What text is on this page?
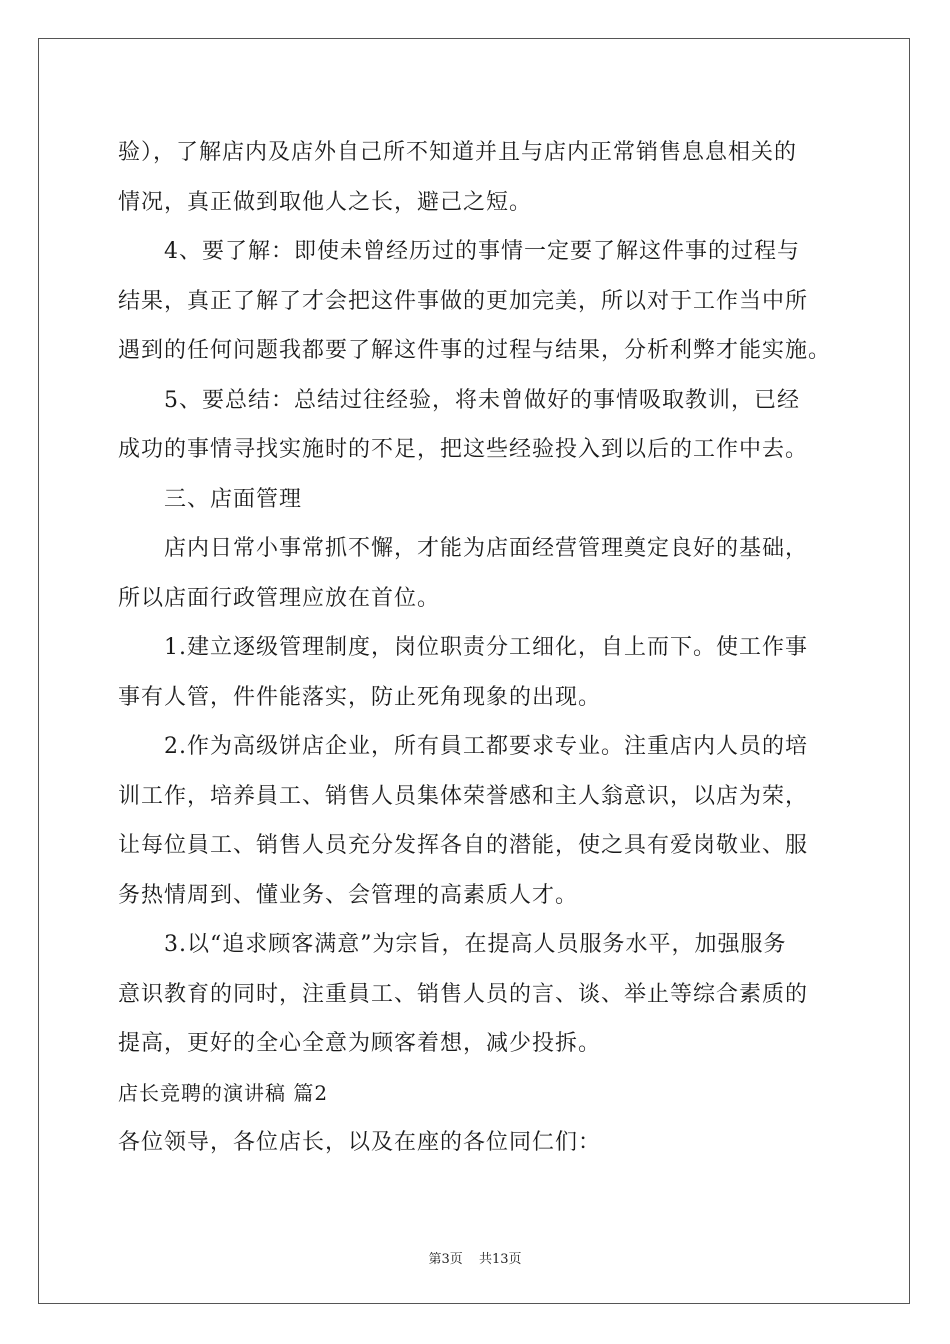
验），了解店内及店外自己所不知道并且与店内正常销售息息相关的
情况，真正做到取他人之长，避己之短。
4、要了解：即使未曾经历过的事情一定要了解这件事的过程与
结果，真正了解了才会把这件事做的更加完美，所以对于工作当中所
遇到的任何问题我都要了解这件事的过程与结果，分析利弊才能实施。
5、要总结：总结过往经验，将未曾做好的事情吸取教训，已经
成功的事情寻找实施时的不足，把这些经验投入到以后的工作中去。
三、店面管理
店内日常小事常抓不懈，才能为店面经营管理奠定良好的基础，
所以店面行政管理应放在首位。
1.建立逐级管理制度，岗位职责分工细化，自上而下。使工作事
事有人管，件件能落实，防止死角现象的出现。
2.作为高级饼店企业，所有員工都要求专业。注重店内人员的培
训工作，培养員工、销售人员集体荣誉感和主人翁意识，以店为荣，
让每位員工、销售人员充分发挥各自的潜能，使之具有爱岗敬业、服
务热情周到、懂业务、会管理的高素质人才。
3.以“追求顾客满意”为宗旨，在提高人员服务水平，加强服务
意识教育的同时，注重員工、销售人员的言、谈、举止等综合素质的
提高，更好的全心全意为顾客着想，减少投拆。
店长竞聘的演讲稿 篇2
各位领导，各位店长，以及在座的各位同仁们：
第3页 共13页
